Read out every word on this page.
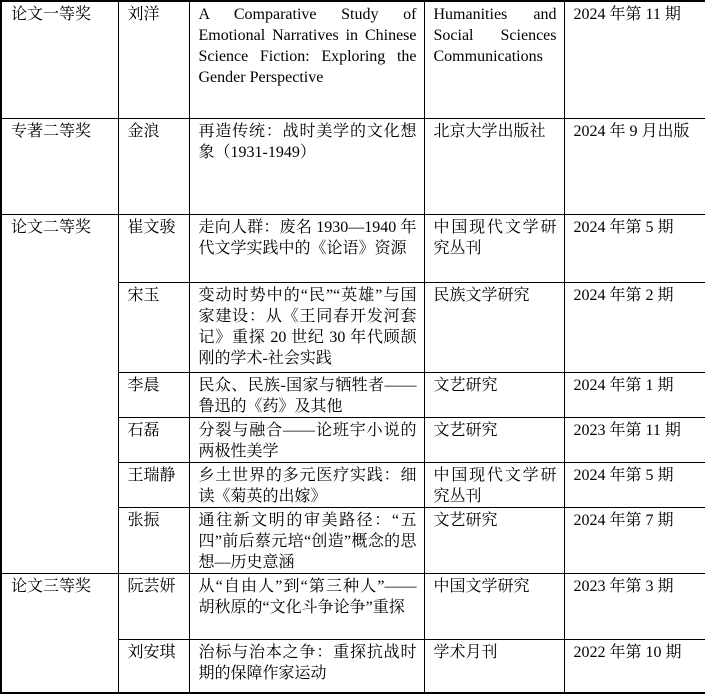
论文一等奖	刘洋	A Comparative Study of Emotional Narratives in Chinese Science Fiction: Exploring the Gender Perspective	Humanities and Social Sciences Communications	2024 年第 11 期
专著二等奖	金浪	再造传统：战时美学的文化想象（1931-1949）	北京大学出版社	2024 年 9 月出版
论文二等奖	崔文骏	走向人群：废名 1930—1940 年代文学实践中的《论语》资源	中国现代文学研究丛刊	2024 年第 5 期
	宋玉	变动时势中的“民”“英雄”与国家建设：从《王同春开发河套记》重探 20 世纪 30 年代顾颉刚的学术-社会实践	民族文学研究	2024 年第 2 期
	李晨	民众、民族-国家与牺牲者——鲁迅的《药》及其他	文艺研究	2024 年第 1 期
	石磊	分裂与融合——论班宇小说的两极性美学	文艺研究	2023 年第 11 期
	王瑞静	乡土世界的多元医疗实践：细读《菊英的出嫁》	中国现代文学研究丛刊	2024 年第 5 期
	张振	通往新文明的审美路径：“五四”前后蔡元培“创造”概念的思想—历史意涵	文艺研究	2024 年第 7 期
论文三等奖	阮芸妍	从“自由人”到“第三种人”——胡秋原的“文化斗争论争”重探	中国文学研究	2023 年第 3 期
	刘安琪	治标与治本之争：重探抗战时期的保障作家运动	学术月刊	2022 年第 10 期
